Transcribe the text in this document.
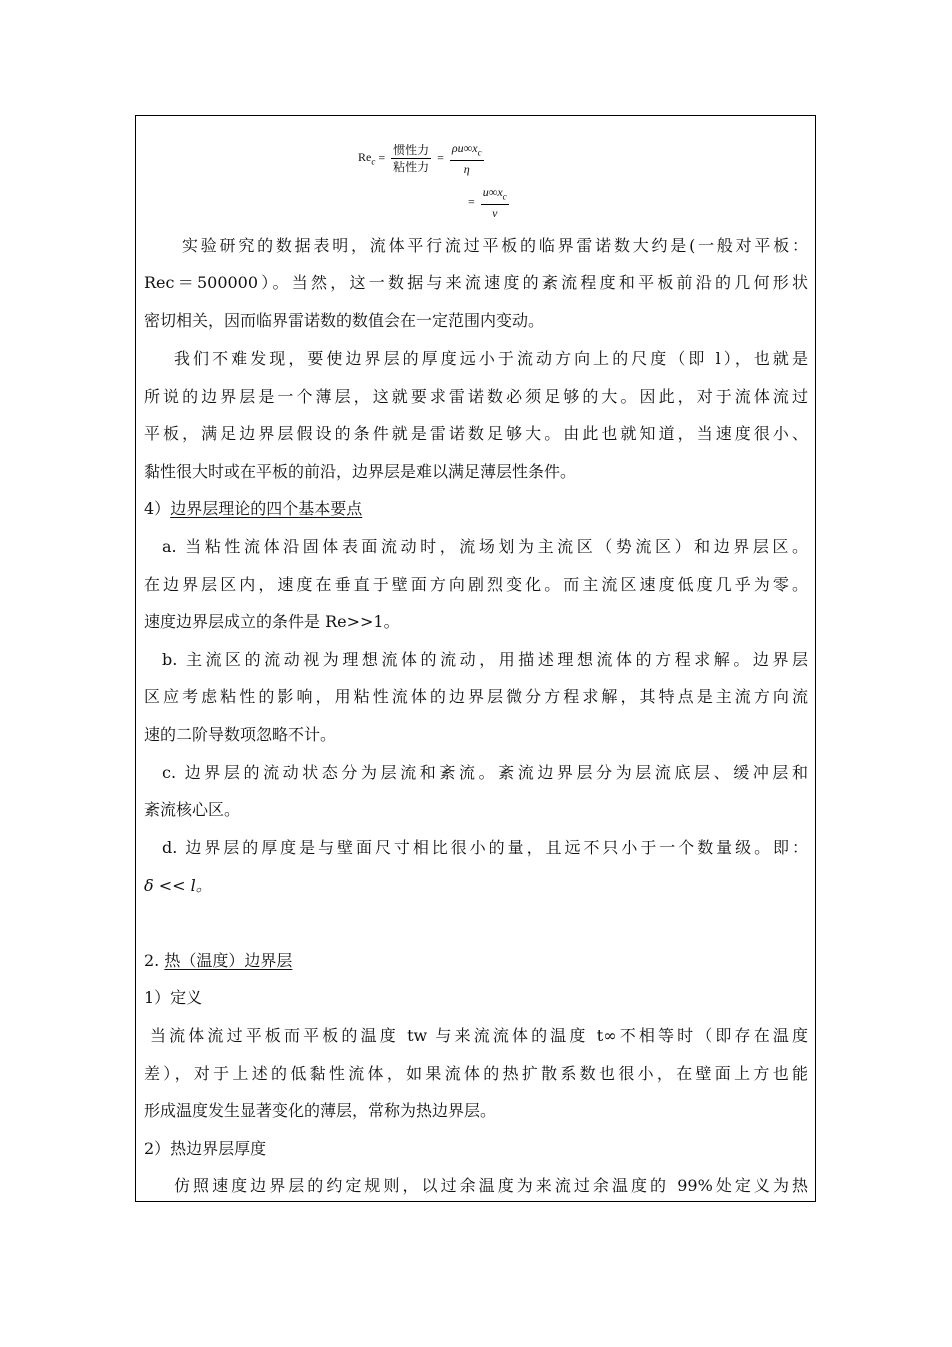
$Re_c = \frac{\text{惯性力}}{\text{粘性力}} = \frac{\rho u\infty x_c}{\eta}$
= $\frac{u\infty x_c}{\nu}$
实验研究的数据表明，流体平行流过平板的临界雷诺数大约是(一般对平板：
Rec＝500000）。当然，这一数据与来流速度的紊流程度和平板前沿的几何形状
密切相关，因而临界雷诺数的数值会在一定范围内变动。
我们不难发现，要使边界层的厚度远小于流动方向上的尺度（即 l），也就是
所说的边界层是一个薄层，这就要求雷诺数必须足够的大。因此，对于流体流过
平板，满足边界层假设的条件就是雷诺数足够大。由此也就知道，当速度很小、
黏性很大时或在平板的前沿，边界层是难以满足薄层性条件。
4）边界层理论的四个基本要点
a. 当粘性流体沿固体表面流动时，流场划为主流区（势流区）和边界层区。
在边界层区内，速度在垂直于壁面方向剧烈变化。而主流区速度低度几乎为零。
速度边界层成立的条件是 Re>>1。
b. 主流区的流动视为理想流体的流动，用描述理想流体的方程求解。边界层
区应考虑粘性的影响，用粘性流体的边界层微分方程求解，其特点是主流方向流
速的二阶导数项忽略不计。
c. 边界层的流动状态分为层流和紊流。紊流边界层分为层流底层、缓冲层和
紊流核心区。
d. 边界层的厚度是与壁面尺寸相比很小的量，且远不只小于一个数量级。即：
δ << l。
2. 热（温度）边界层
1）定义
当流体流过平板而平板的温度 tw 与来流流体的温度 t∞不相等时（即存在温度
差），对于上述的低黏性流体，如果流体的热扩散系数也很小，在壁面上方也能
形成温度发生显著变化的薄层，常称为热边界层。
2）热边界层厚度
仿照速度边界层的约定规则，以过余温度为来流过余温度的 99%处定义为热
